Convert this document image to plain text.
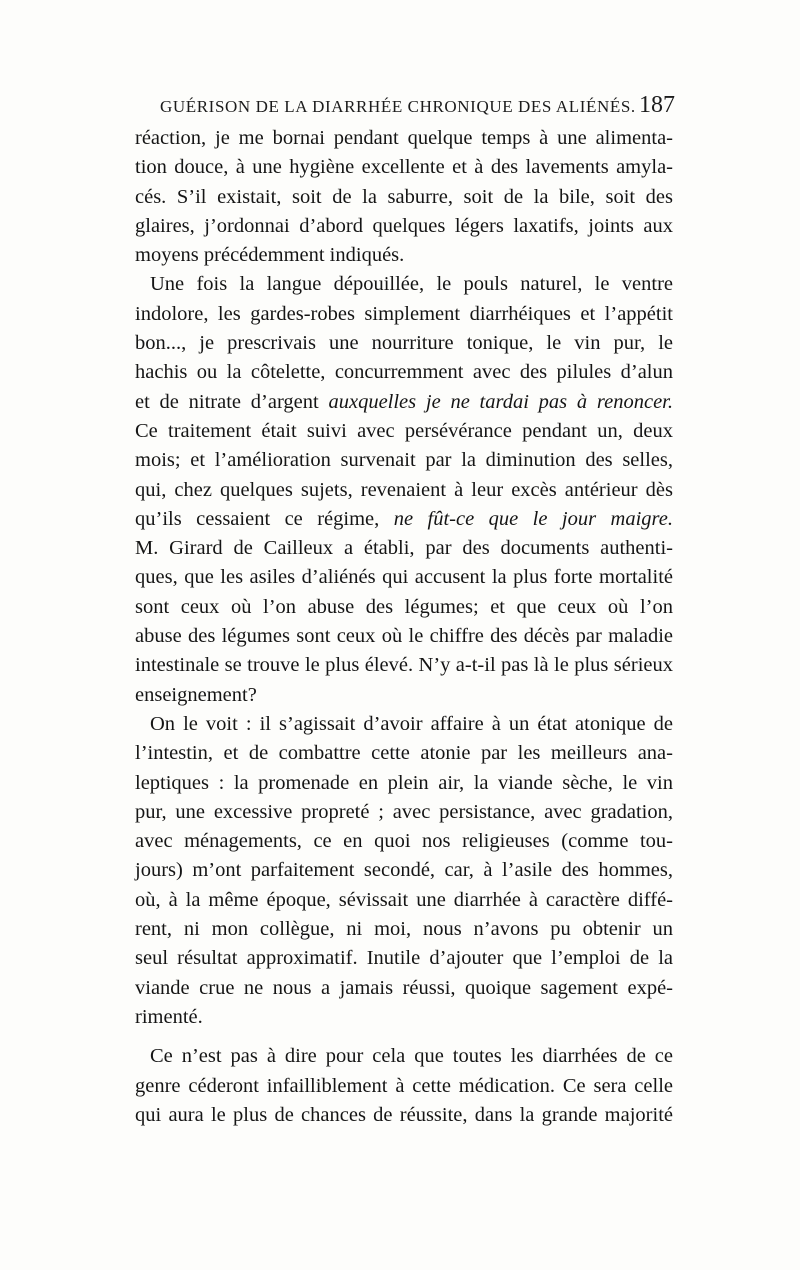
GUÉRISON DE LA DIARRHÉE CHRONIQUE DES ALIÉNÉS. 187

réaction, je me bornai pendant quelque temps à une alimenta-

tion douce, à une hygiène excellente et à des lavements amyla-

cés. S’il existait, soit de la saburre, soit de la bile, soit des

glaires, j’ordonnai d’abord quelques légers laxatifs, joints aux

moyens précédemment indiqués.

Une fois la langue dépouillée, le pouls naturel, le ventre

indolore, les gardes-robes simplement diarrhéiques et l’appétit

bon..., je prescrivais une nourriture tonique, le vin pur, le

hachis ou la côtelette, concurremment avec des pilules d’alun

et de nitrate d’argent auxquelles je ne tardai pas à renoncer.

Ce traitement était suivi avec persévérance pendant un, deux

mois; et l’amélioration survenait par la diminution des selles,

qui, chez quelques sujets, revenaient à leur excès antérieur dès

qu’ils cessaient ce régime, ne fût-ce que le jour maigre.

M. Girard de Cailleux a établi, par des documents authenti-

ques, que les asiles d’aliénés qui accusent la plus forte mortalité

sont ceux où l’on abuse des légumes; et que ceux où l’on

abuse des légumes sont ceux où le chiffre des décès par maladie

intestinale se trouve le plus élevé. N’y a-t-il pas là le plus sérieux

enseignement?

On le voit : il s’agissait d’avoir affaire à un état atonique de

l’intestin, et de combattre cette atonie par les meilleurs ana-

leptiques : la promenade en plein air, la viande sèche, le vin

pur, une excessive propreté ; avec persistance, avec gradation,

avec ménagements, ce en quoi nos religieuses (comme tou-

jours) m’ont parfaitement secondé, car, à l’asile des hommes,

où, à la même époque, sévissait une diarrhée à caractère diffé-

rent, ni mon collègue, ni moi, nous n’avons pu obtenir un

seul résultat approximatif. Inutile d’ajouter que l’emploi de la

viande crue ne nous a jamais réussi, quoique sagement expé-

rimenté.

Ce n’est pas à dire pour cela que toutes les diarrhées de ce

genre céderont infailliblement à cette médication. Ce sera celle

qui aura le plus de chances de réussite, dans la grande majorité
